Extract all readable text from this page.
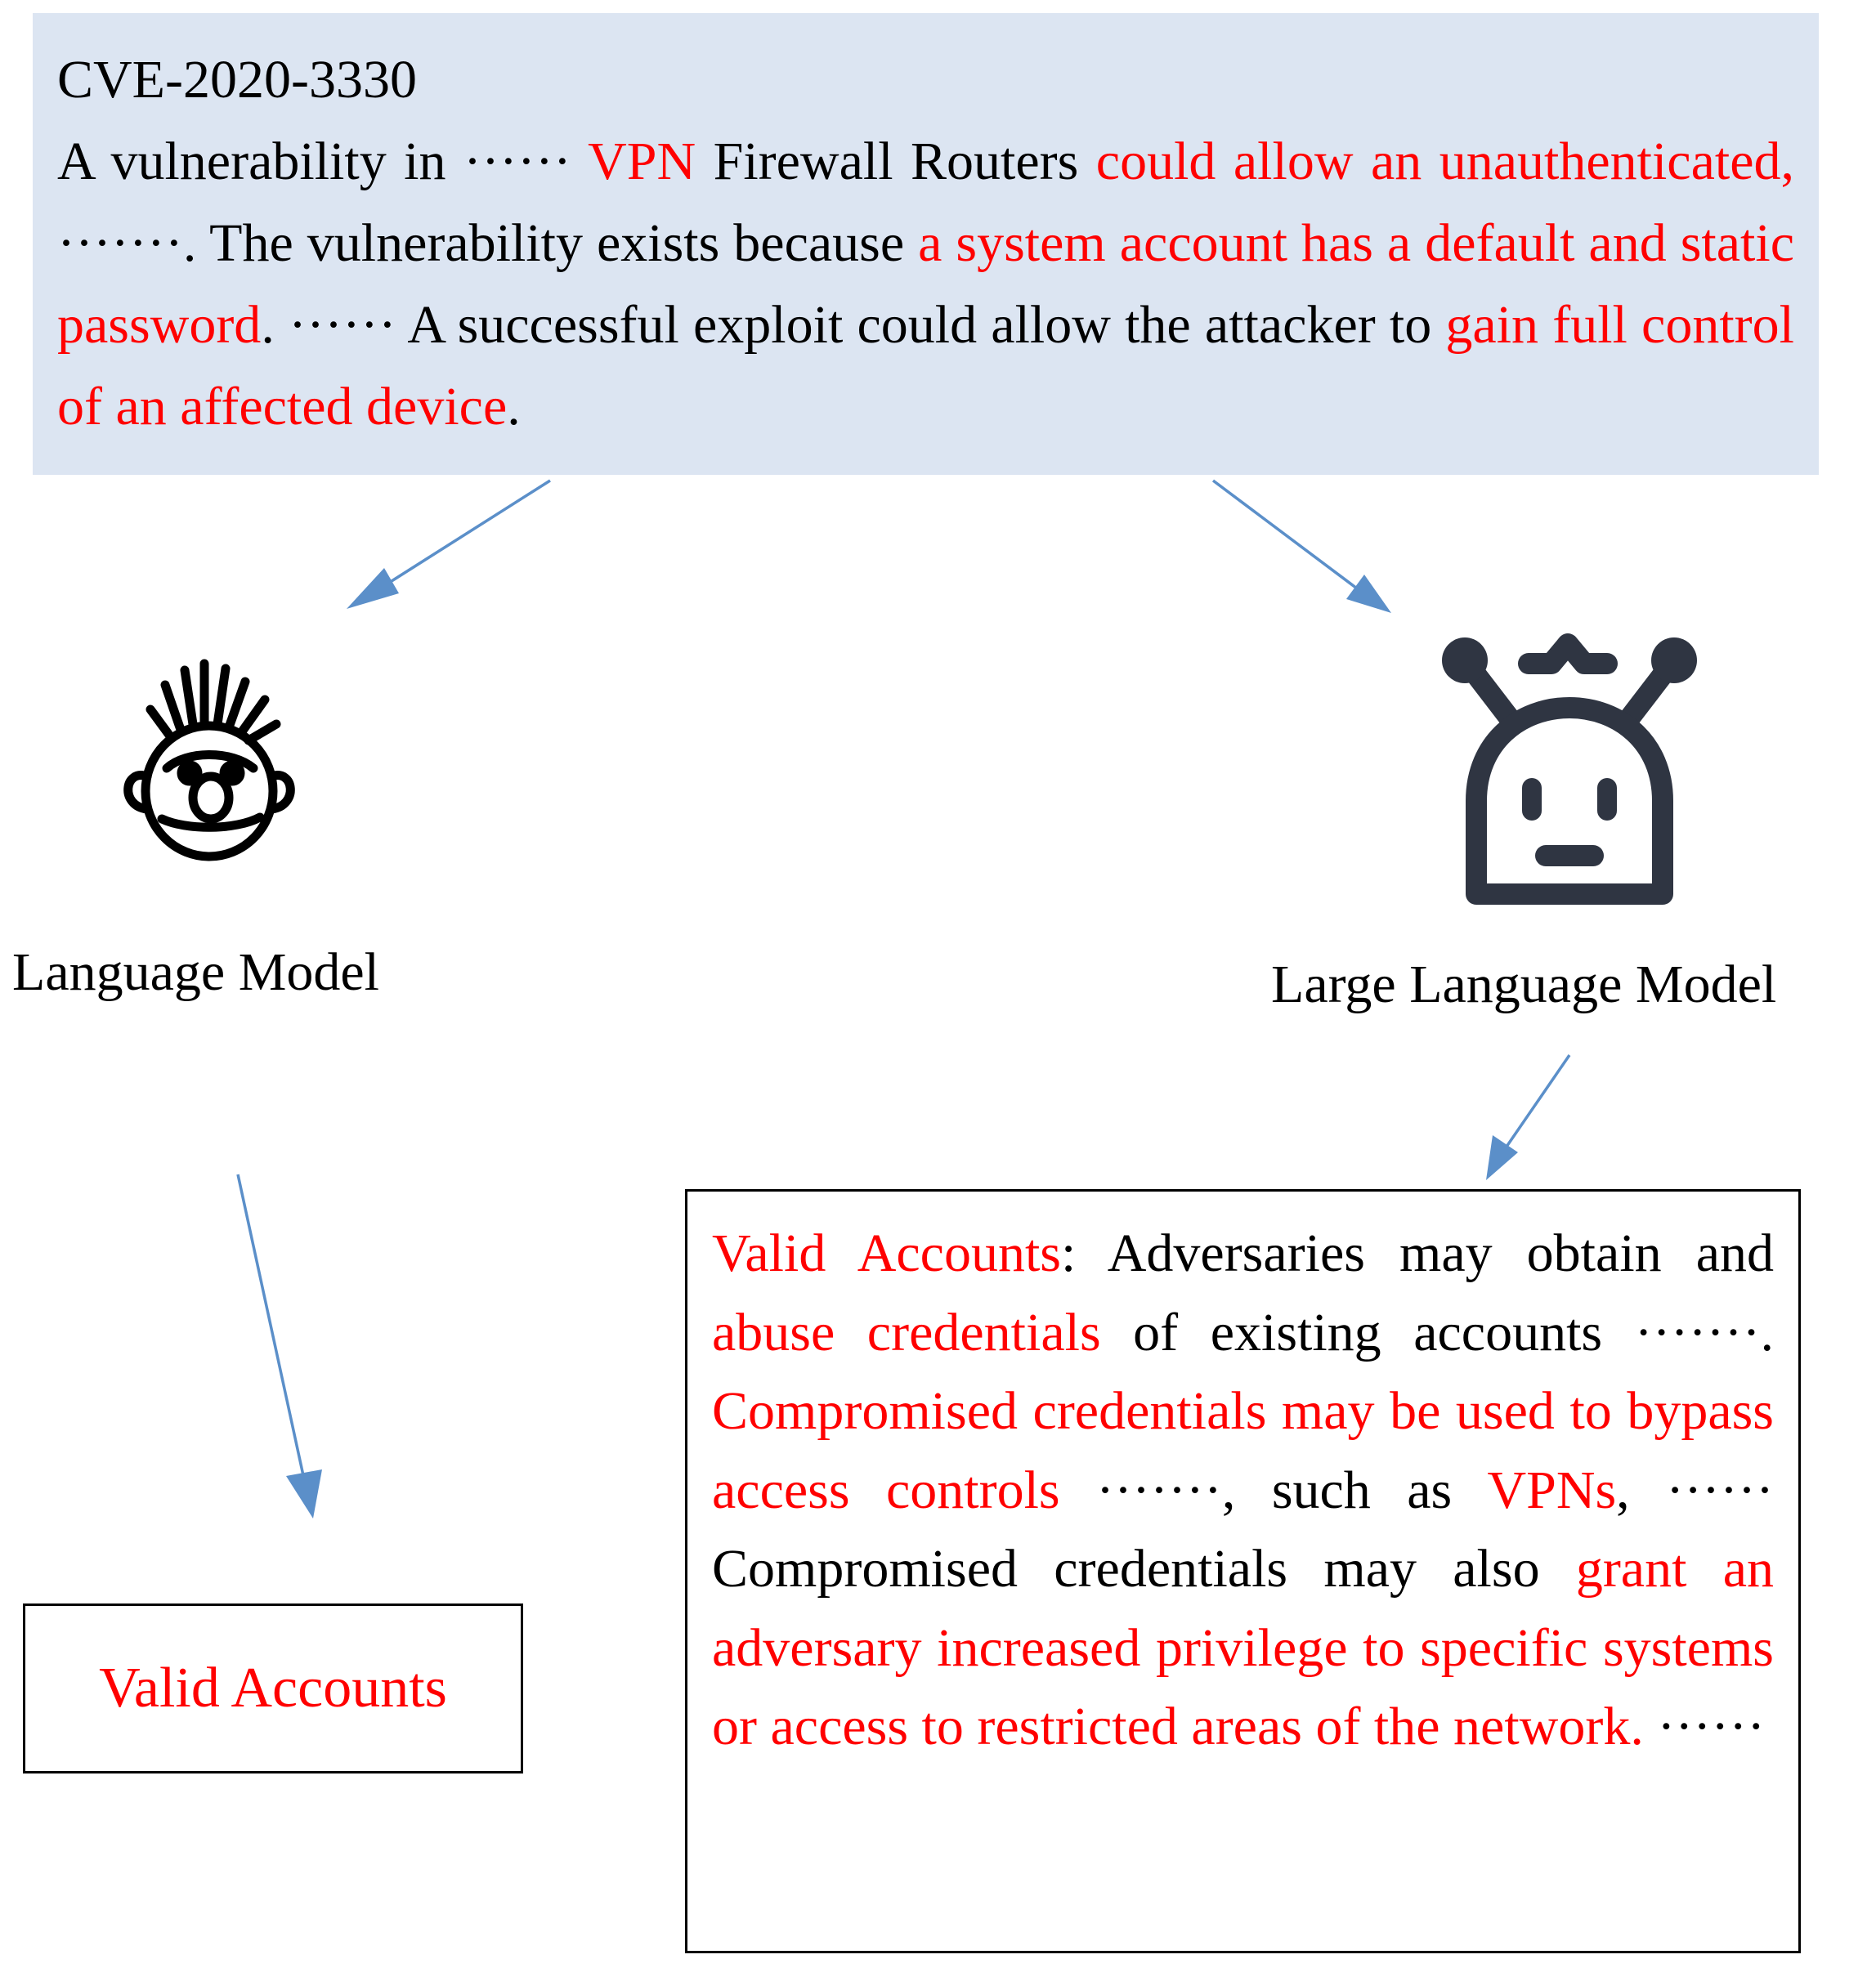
CVE-2020-3330

A vulnerability in ······ VPN Firewall Routers could allow an unauthenticated, ·······. The vulnerability exists because a system account has a default and static password. ······ A successful exploit could allow the attacker to gain full control of an affected device.

Language Model	Large Language Model
Valid Accounts

Valid Accounts: Adversaries may obtain and abuse credentials of existing accounts ·······. Compromised credentials may be used to bypass access controls ·······, such as VPNs, ······ Compromised credentials may also grant an adversary increased privilege to specific systems or access to restricted areas of the network. ······
